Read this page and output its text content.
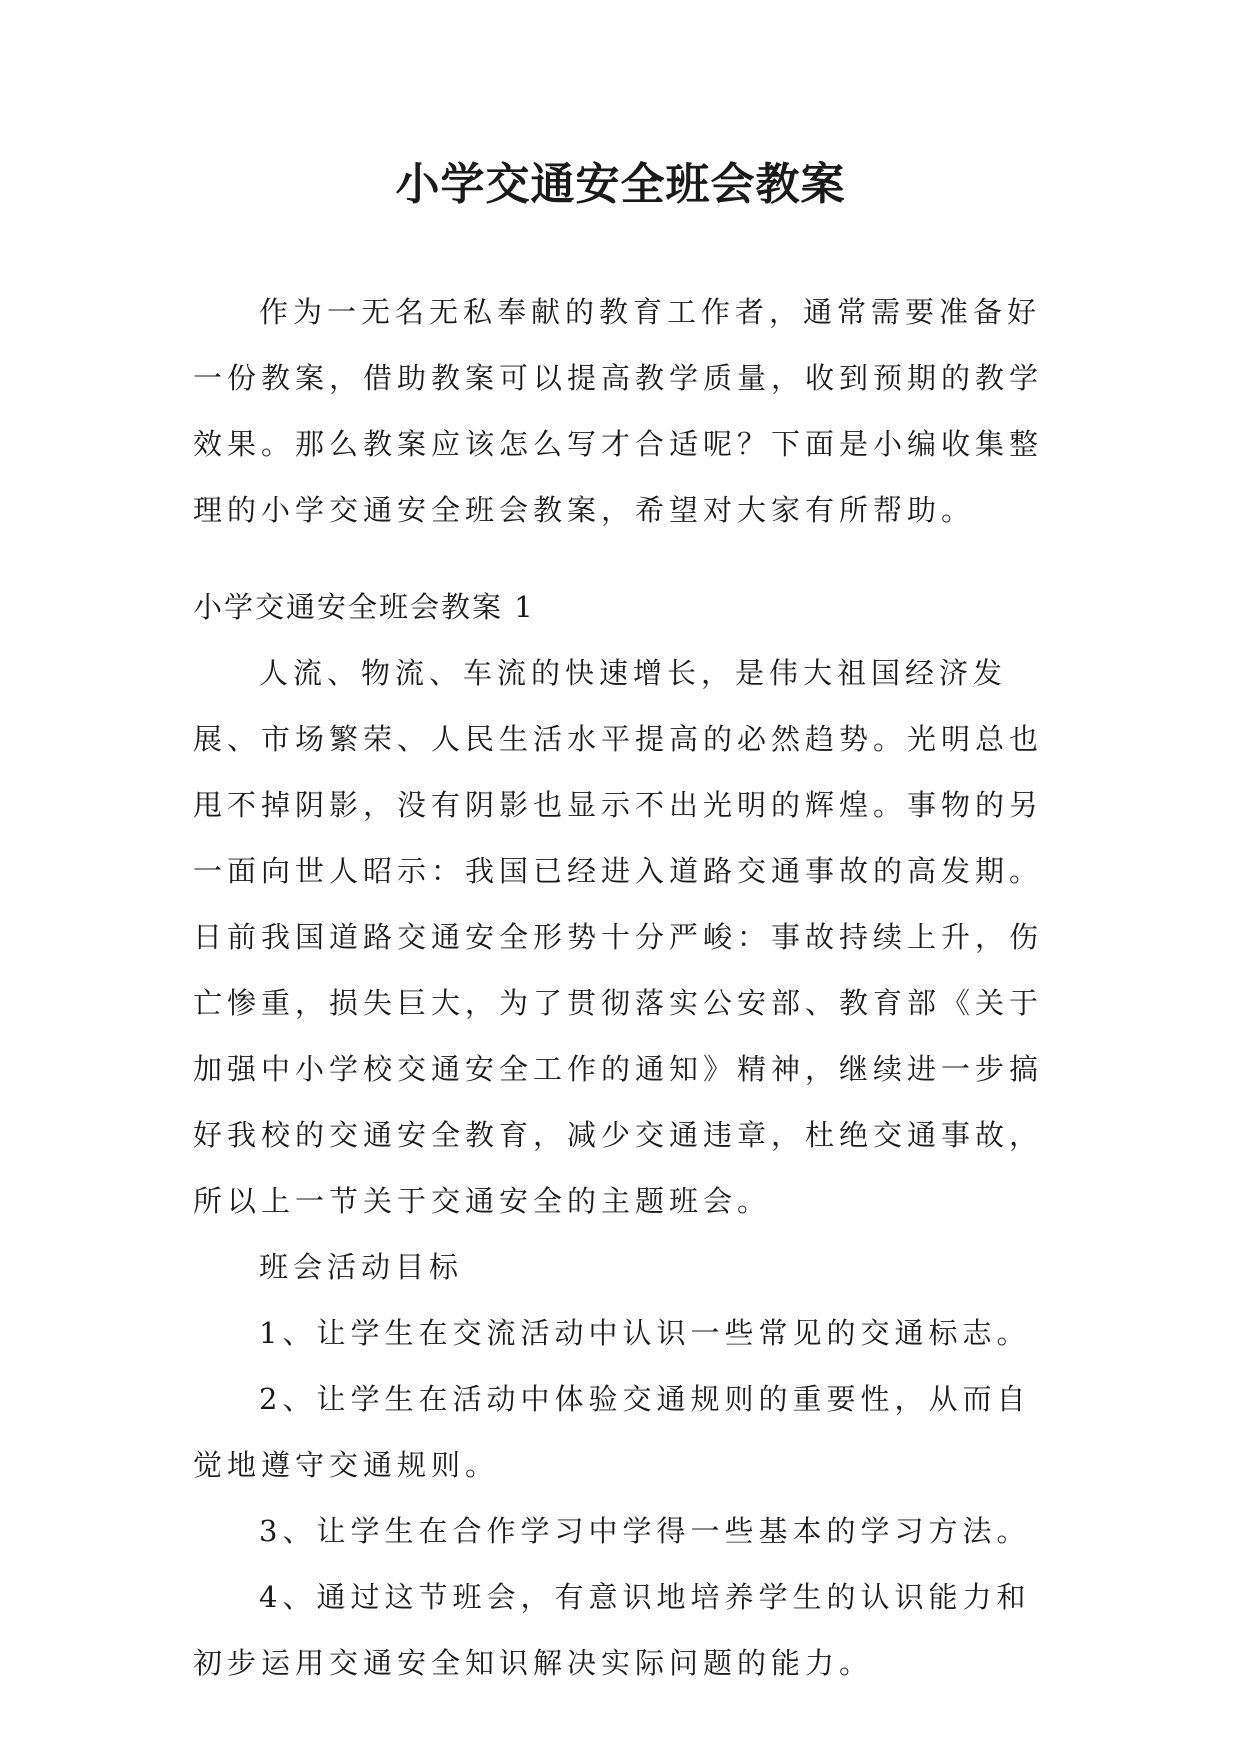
小学交通安全班会教案

作为一无名无私奉献的教育工作者，通常需要准备好一份教案，借助教案可以提高教学质量，收到预期的教学效果。那么教案应该怎么写才合适呢？下面是小编收集整理的小学交通安全班会教案，希望对大家有所帮助。

小学交通安全班会教案 1

人流、物流、车流的快速增长，是伟大祖国经济发展、市场繁荣、人民生活水平提高的必然趋势。光明总也甩不掉阴影，没有阴影也显示不出光明的辉煌。事物的另一面向世人昭示：我国已经进入道路交通事故的高发期。日前我国道路交通安全形势十分严峻：事故持续上升，伤亡惨重，损失巨大，为了贯彻落实公安部、教育部《关于加强中小学校交通安全工作的通知》精神，继续进一步搞好我校的交通安全教育，减少交通违章，杜绝交通事故，所以上一节关于交通安全的主题班会。

班会活动目标

1、让学生在交流活动中认识一些常见的交通标志。

2、让学生在活动中体验交通规则的重要性，从而自觉地遵守交通规则。

3、让学生在合作学习中学得一些基本的学习方法。

4、通过这节班会，有意识地培养学生的认识能力和初步运用交通安全知识解决实际问题的能力。
